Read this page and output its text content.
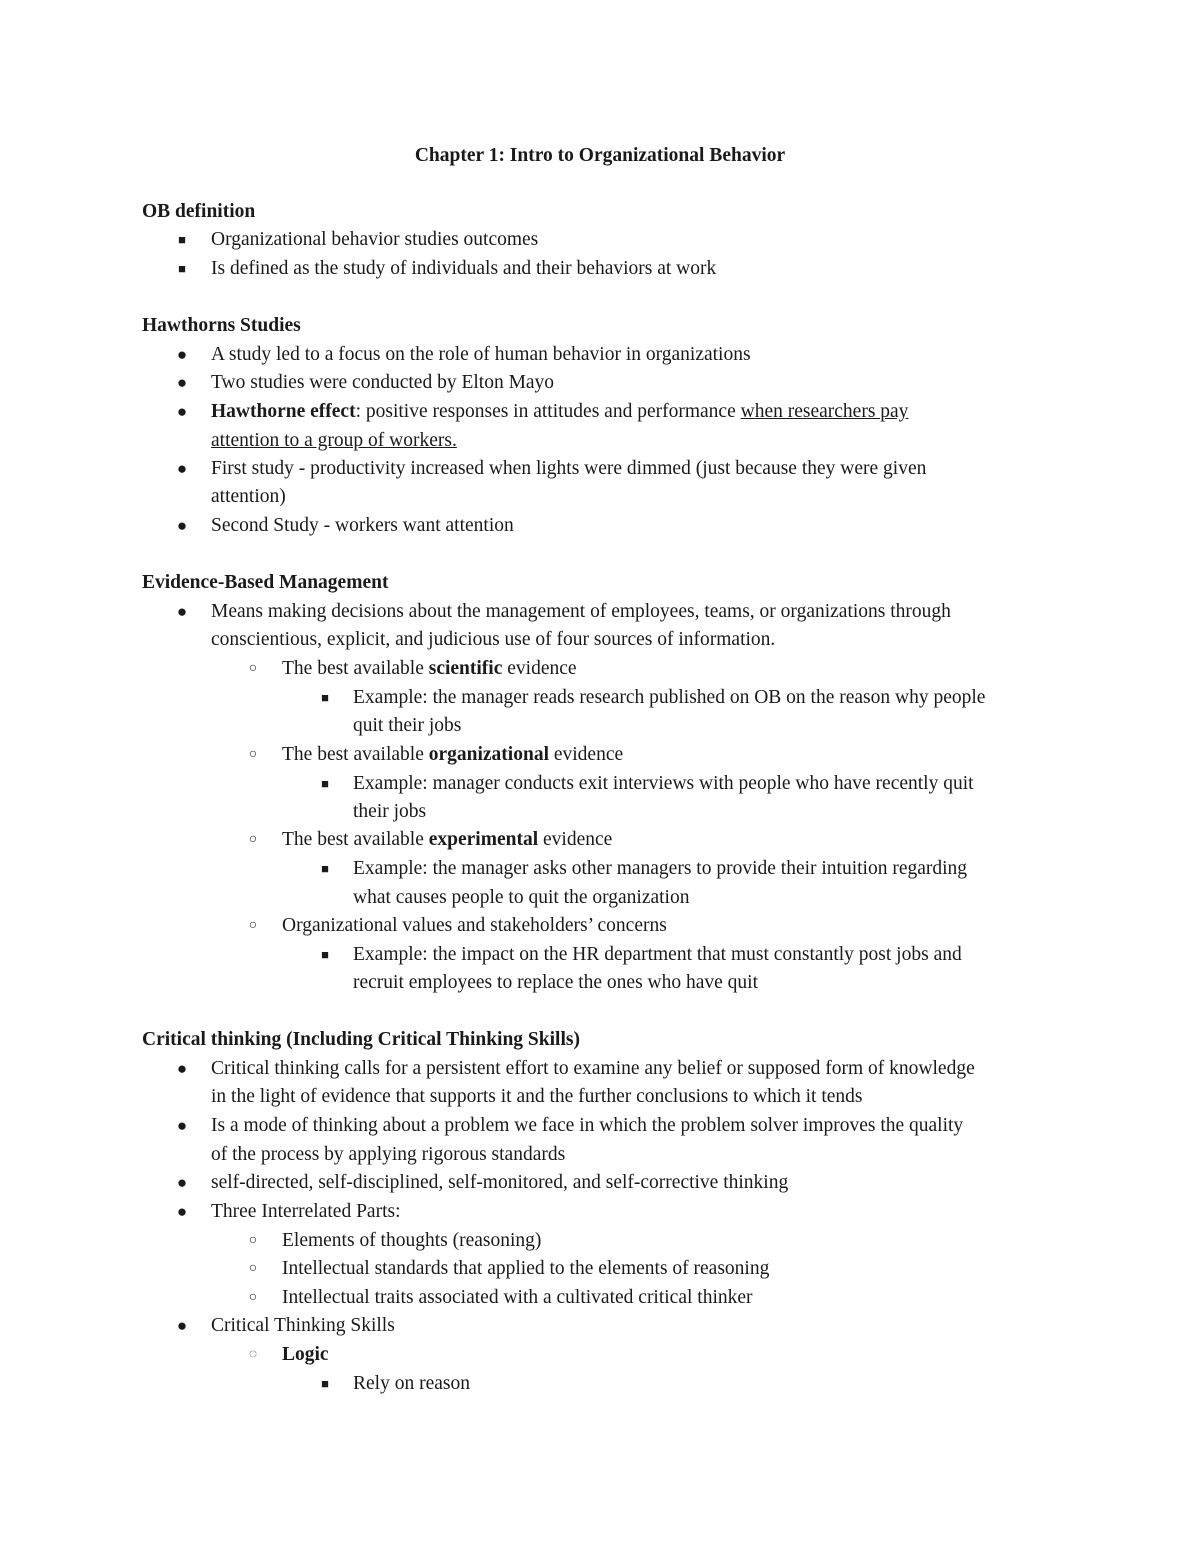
Chapter 1: Intro to Organizational Behavior
OB definition
■	Organizational behavior studies outcomes
■	Is defined as the study of individuals and their behaviors at work
Hawthorns Studies
● A study led to a focus on the role of human behavior in organizations
● Two studies were conducted by Elton Mayo
● Hawthorne effect: positive responses in attitudes and performance when researchers pay
attention to a group of workers.
● First study - productivity increased when lights were dimmed (just because they were given
attention)
● Second Study - workers want attention
Evidence-Based Management
● Means making decisions about the management of employees, teams, or organizations through
conscientious, explicit, and judicious use of four sources of information.
○ The best available scientific evidence
■	Example: the manager reads research published on OB on the reason why people
quit their jobs
○ The best available organizational evidence
■	Example: manager conducts exit interviews with people who have recently quit
their jobs
○ The best available experimental evidence
■	Example: the manager asks other managers to provide their intuition regarding
what causes people to quit the organization
○ Organizational values and stakeholders’ concerns
■	Example: the impact on the HR department that must constantly post jobs and
recruit employees to replace the ones who have quit
Critical thinking (Including Critical Thinking Skills)
● Critical thinking calls for a persistent effort to examine any belief or supposed form of knowledge
in the light of evidence that supports it and the further conclusions to which it tends
● Is a mode of thinking about a problem we face in which the problem solver improves the quality
of the process by applying rigorous standards
● self-directed, self-disciplined, self-monitored, and self-corrective thinking
● Three Interrelated Parts:
○ Elements of thoughts (reasoning)
○ Intellectual standards that applied to the elements of reasoning
○ Intellectual traits associated with a cultivated critical thinker
● Critical Thinking Skills
◌ Logic
■	Rely on reason
